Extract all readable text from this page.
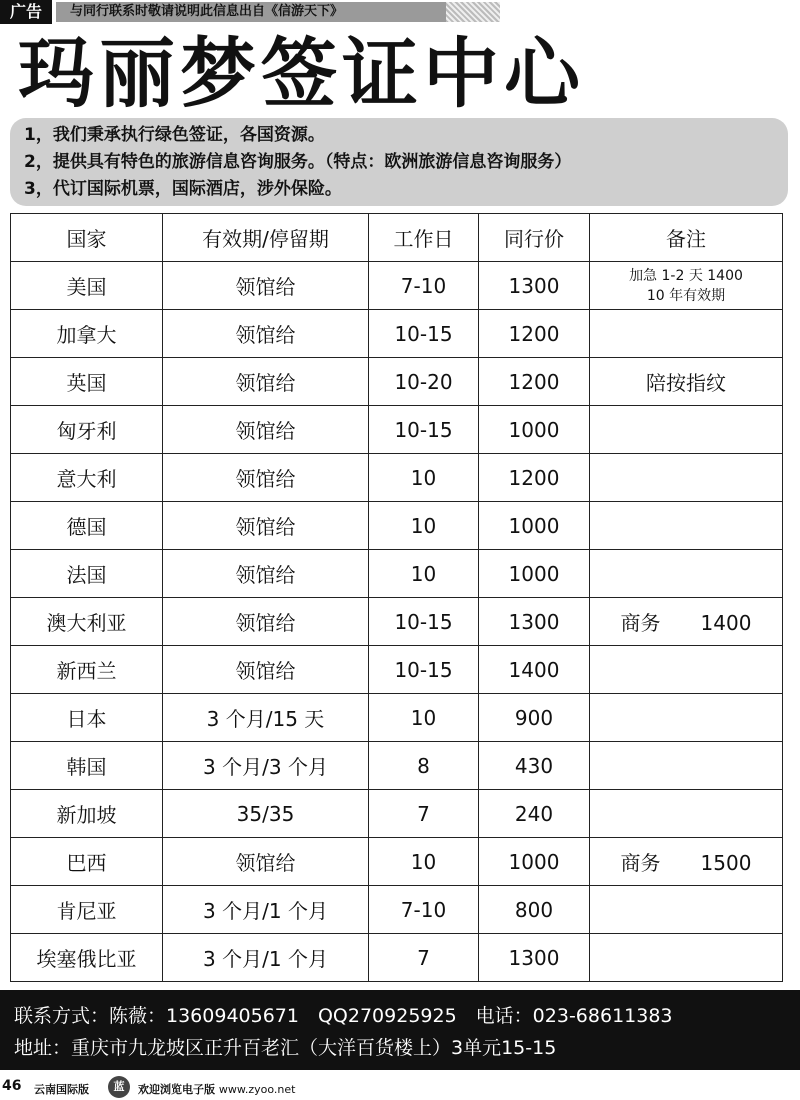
广告	与同行联系时敬请说明此信息出自《信游天下》
玛丽梦签证中心
1，我们秉承执行绿色签证，各国资源。
2，提供具有特色的旅游信息咨询服务。（特点：欧洲旅游信息咨询服务）
3，代订国际机票，国际酒店，涉外保险。
国家	有效期/停留期	工作日	同行价	备注
美国	领馆给	7-10	1300	加急 1-2 天 1400
10 年有效期

加拿大	领馆给	10-15	1200	
英国	领馆给	10-20	1200	陪按指纹
匈牙利	领馆给	10-15	1000	
意大利	领馆给	10	1200	
德国	领馆给	10	1000	
法国	领馆给	10	1000	
澳大利亚	领馆给	10-15	1300	商务　　1400
新西兰	领馆给	10-15	1400	
日本	3 个月/15 天	10	900	
韩国	3 个月/3 个月	8	430	
新加坡	35/35	7	240	
巴西	领馆给	10	1000	商务　　1500
肯尼亚	3 个月/1 个月	7-10	800	
埃塞俄比亚	3 个月/1 个月	7	1300	
联系方式：陈薇：13609405671　QQ270925925　电话：023-68611383
地址：重庆市九龙坡区正升百老汇（大洋百货楼上）3单元15-15
46 云南国际版	蓝	欢迎浏览电子版 www.zyoo.net
